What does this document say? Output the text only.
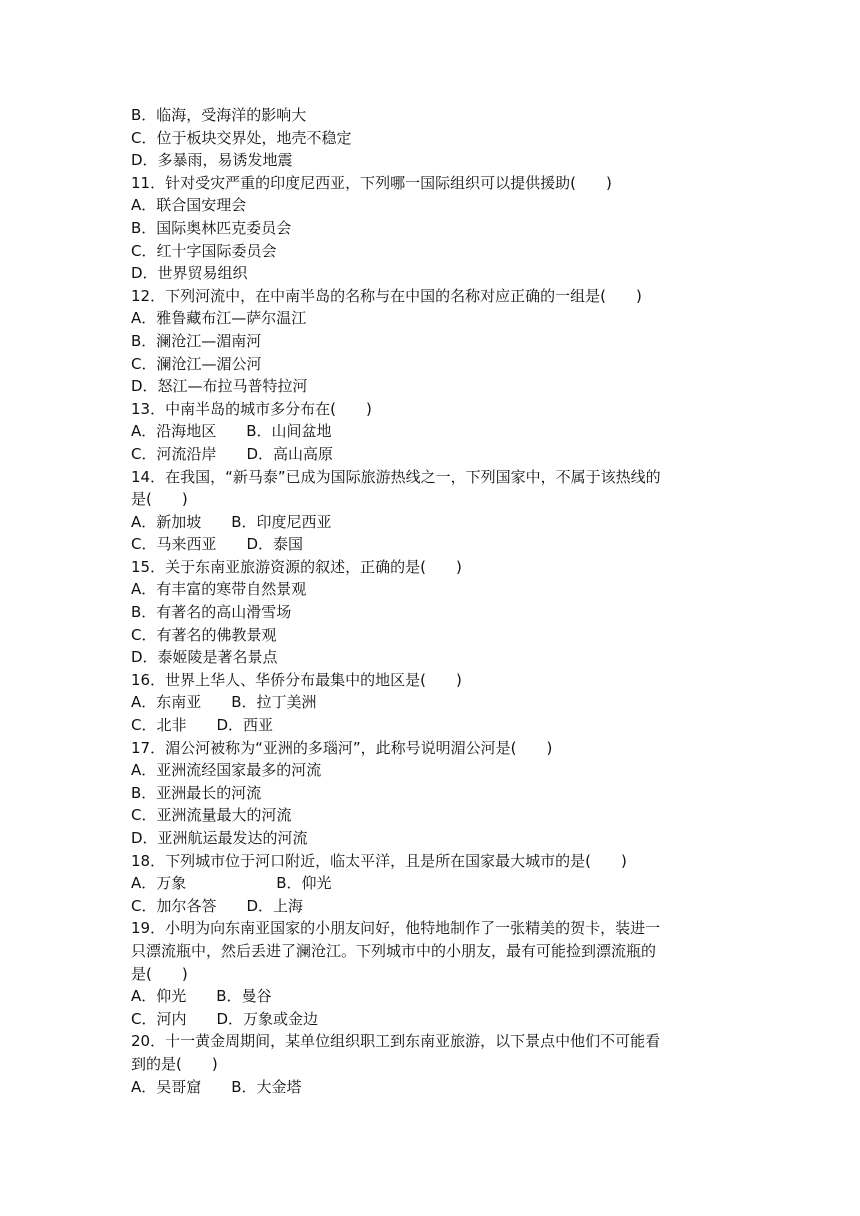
B．临海，受海洋的影响大
C．位于板块交界处，地壳不稳定
D．多暴雨，易诱发地震
11．针对受灾严重的印度尼西亚，下列哪一国际组织可以提供援助(　　)
A．联合国安理会
B．国际奥林匹克委员会
C．红十字国际委员会
D．世界贸易组织
12．下列河流中，在中南半岛的名称与在中国的名称对应正确的一组是(　　)
A．雅鲁藏布江—萨尔温江
B．澜沧江—湄南河
C．澜沧江—湄公河
D．怒江—布拉马普特拉河
13．中南半岛的城市多分布在(　　)
A．沿海地区　　B．山间盆地
C．河流沿岸　　D．高山高原
14．在我国，“新马泰”已成为国际旅游热线之一，下列国家中，不属于该热线的
是(　　)
A．新加坡　　B．印度尼西亚
C．马来西亚　　D．泰国
15．关于东南亚旅游资源的叙述，正确的是(　　)
A．有丰富的寒带自然景观
B．有著名的高山滑雪场
C．有著名的佛教景观
D．泰姬陵是著名景点
16．世界上华人、华侨分布最集中的地区是(　　)
A．东南亚　　B．拉丁美洲
C．北非　　D．西亚
17．湄公河被称为“亚洲的多瑙河”，此称号说明湄公河是(　　)
A．亚洲流经国家最多的河流
B．亚洲最长的河流
C．亚洲流量最大的河流
D．亚洲航运最发达的河流
18．下列城市位于河口附近，临太平洋，且是所在国家最大城市的是(　　)
A．万象　　　　　　B．仰光
C．加尔各答　　D．上海
19．小明为向东南亚国家的小朋友问好，他特地制作了一张精美的贺卡，装进一
只漂流瓶中，然后丢进了澜沧江。下列城市中的小朋友，最有可能捡到漂流瓶的
是(　　)
A．仰光　　B．曼谷
C．河内　　D．万象或金边
20．十一黄金周期间，某单位组织职工到东南亚旅游，以下景点中他们不可能看
到的是(　　)
A．吴哥窟　　B．大金塔
